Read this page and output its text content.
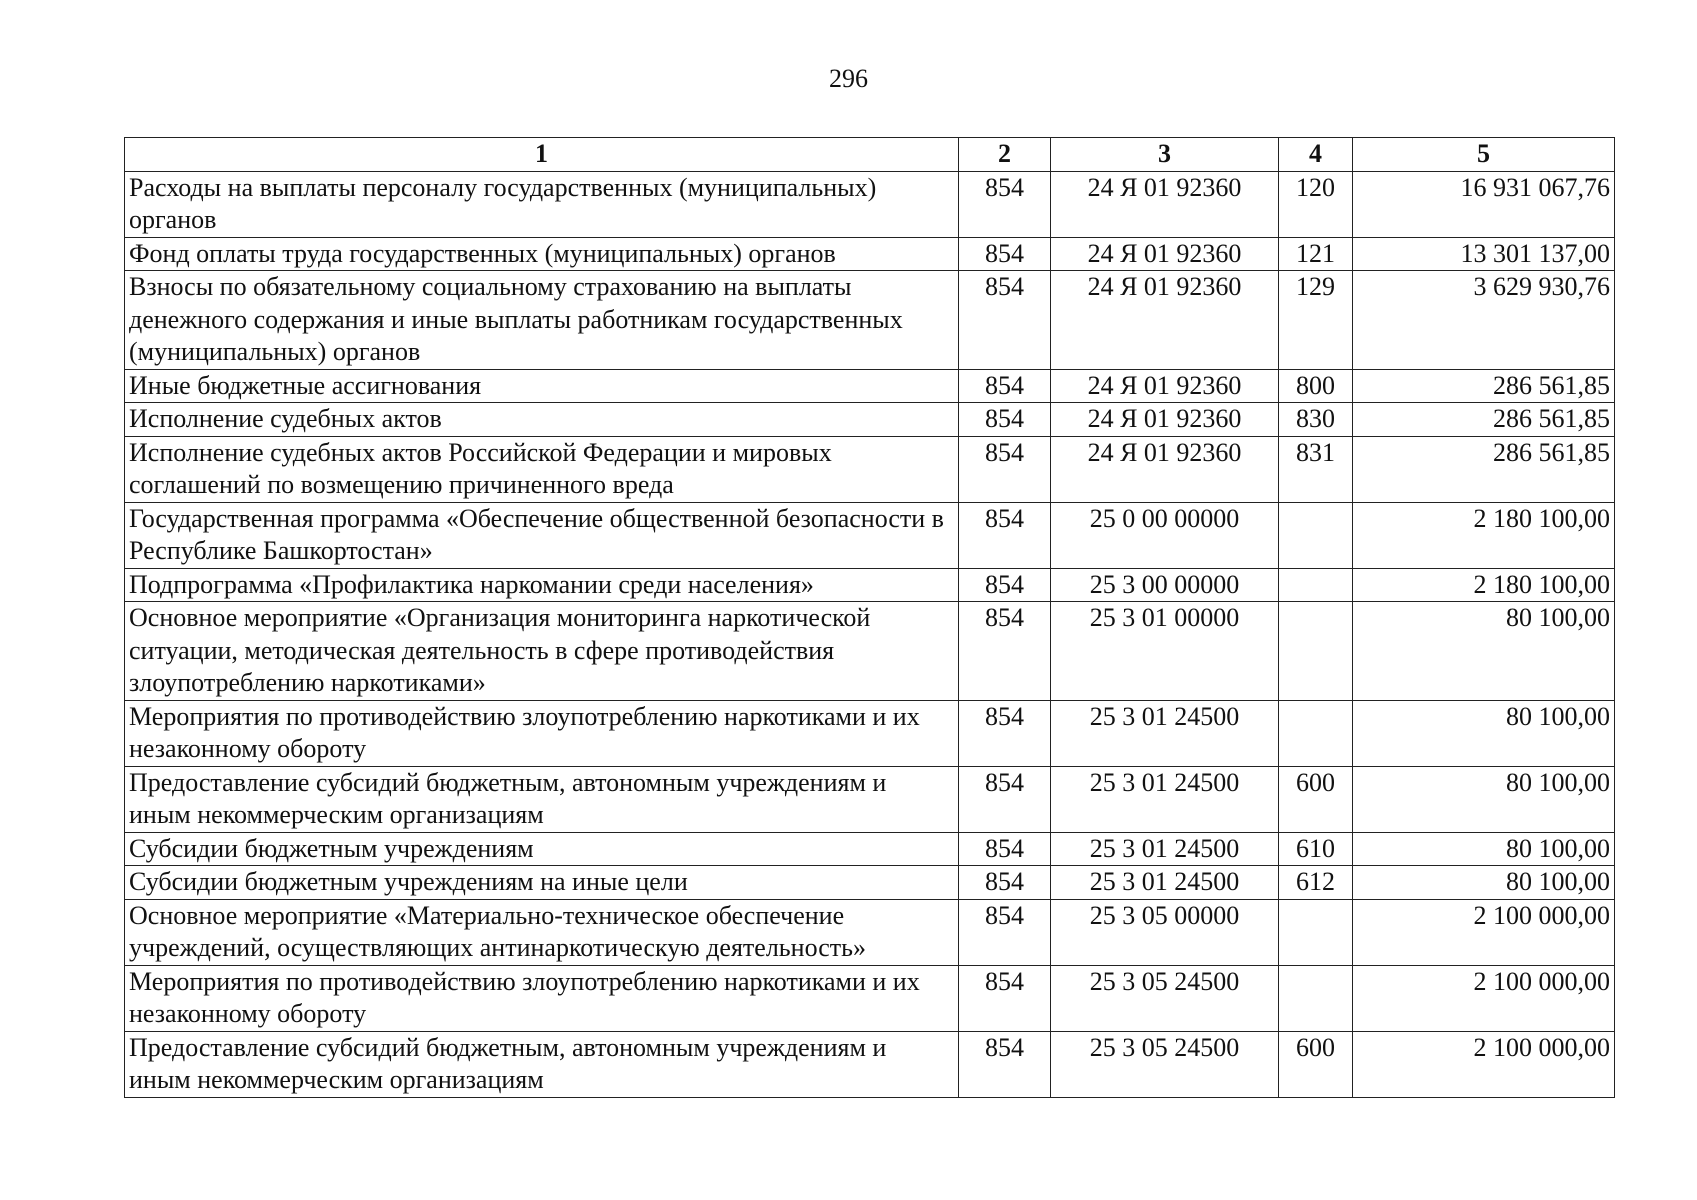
296
1	2	3	4	5
Расходы на выплаты персоналу государственных (муниципальных) органов	854	24 Я 01 92360	120	16 931 067,76
Фонд оплаты труда государственных (муниципальных) органов	854	24 Я 01 92360	121	13 301 137,00
Взносы по обязательному социальному страхованию на выплаты денежного содержания и иные выплаты работникам государственных (муниципальных) органов	854	24 Я 01 92360	129	3 629 930,76
Иные бюджетные ассигнования	854	24 Я 01 92360	800	286 561,85
Исполнение судебных актов	854	24 Я 01 92360	830	286 561,85
Исполнение судебных актов Российской Федерации и мировых соглашений по возмещению причиненного вреда	854	24 Я 01 92360	831	286 561,85
Государственная программа «Обеспечение общественной безопасности в Республике Башкортостан»	854	25 0 00 00000		2 180 100,00
Подпрограмма «Профилактика наркомании среди населения»	854	25 3 00 00000		2 180 100,00
Основное мероприятие «Организация мониторинга наркотической ситуации, методическая деятельность в сфере противодействия злоупотреблению наркотиками»	854	25 3 01 00000		80 100,00
Мероприятия по противодействию злоупотреблению наркотиками и их незаконному обороту	854	25 3 01 24500		80 100,00
Предоставление субсидий бюджетным, автономным учреждениям и иным некоммерческим организациям	854	25 3 01 24500	600	80 100,00
Субсидии бюджетным учреждениям	854	25 3 01 24500	610	80 100,00
Субсидии бюджетным учреждениям на иные цели	854	25 3 01 24500	612	80 100,00
Основное мероприятие «Материально-техническое обеспечение учреждений, осуществляющих антинаркотическую деятельность»	854	25 3 05 00000		2 100 000,00
Мероприятия по противодействию злоупотреблению наркотиками и их незаконному обороту	854	25 3 05 24500		2 100 000,00
Предоставление субсидий бюджетным, автономным учреждениям и иным некоммерческим организациям	854	25 3 05 24500	600	2 100 000,00
